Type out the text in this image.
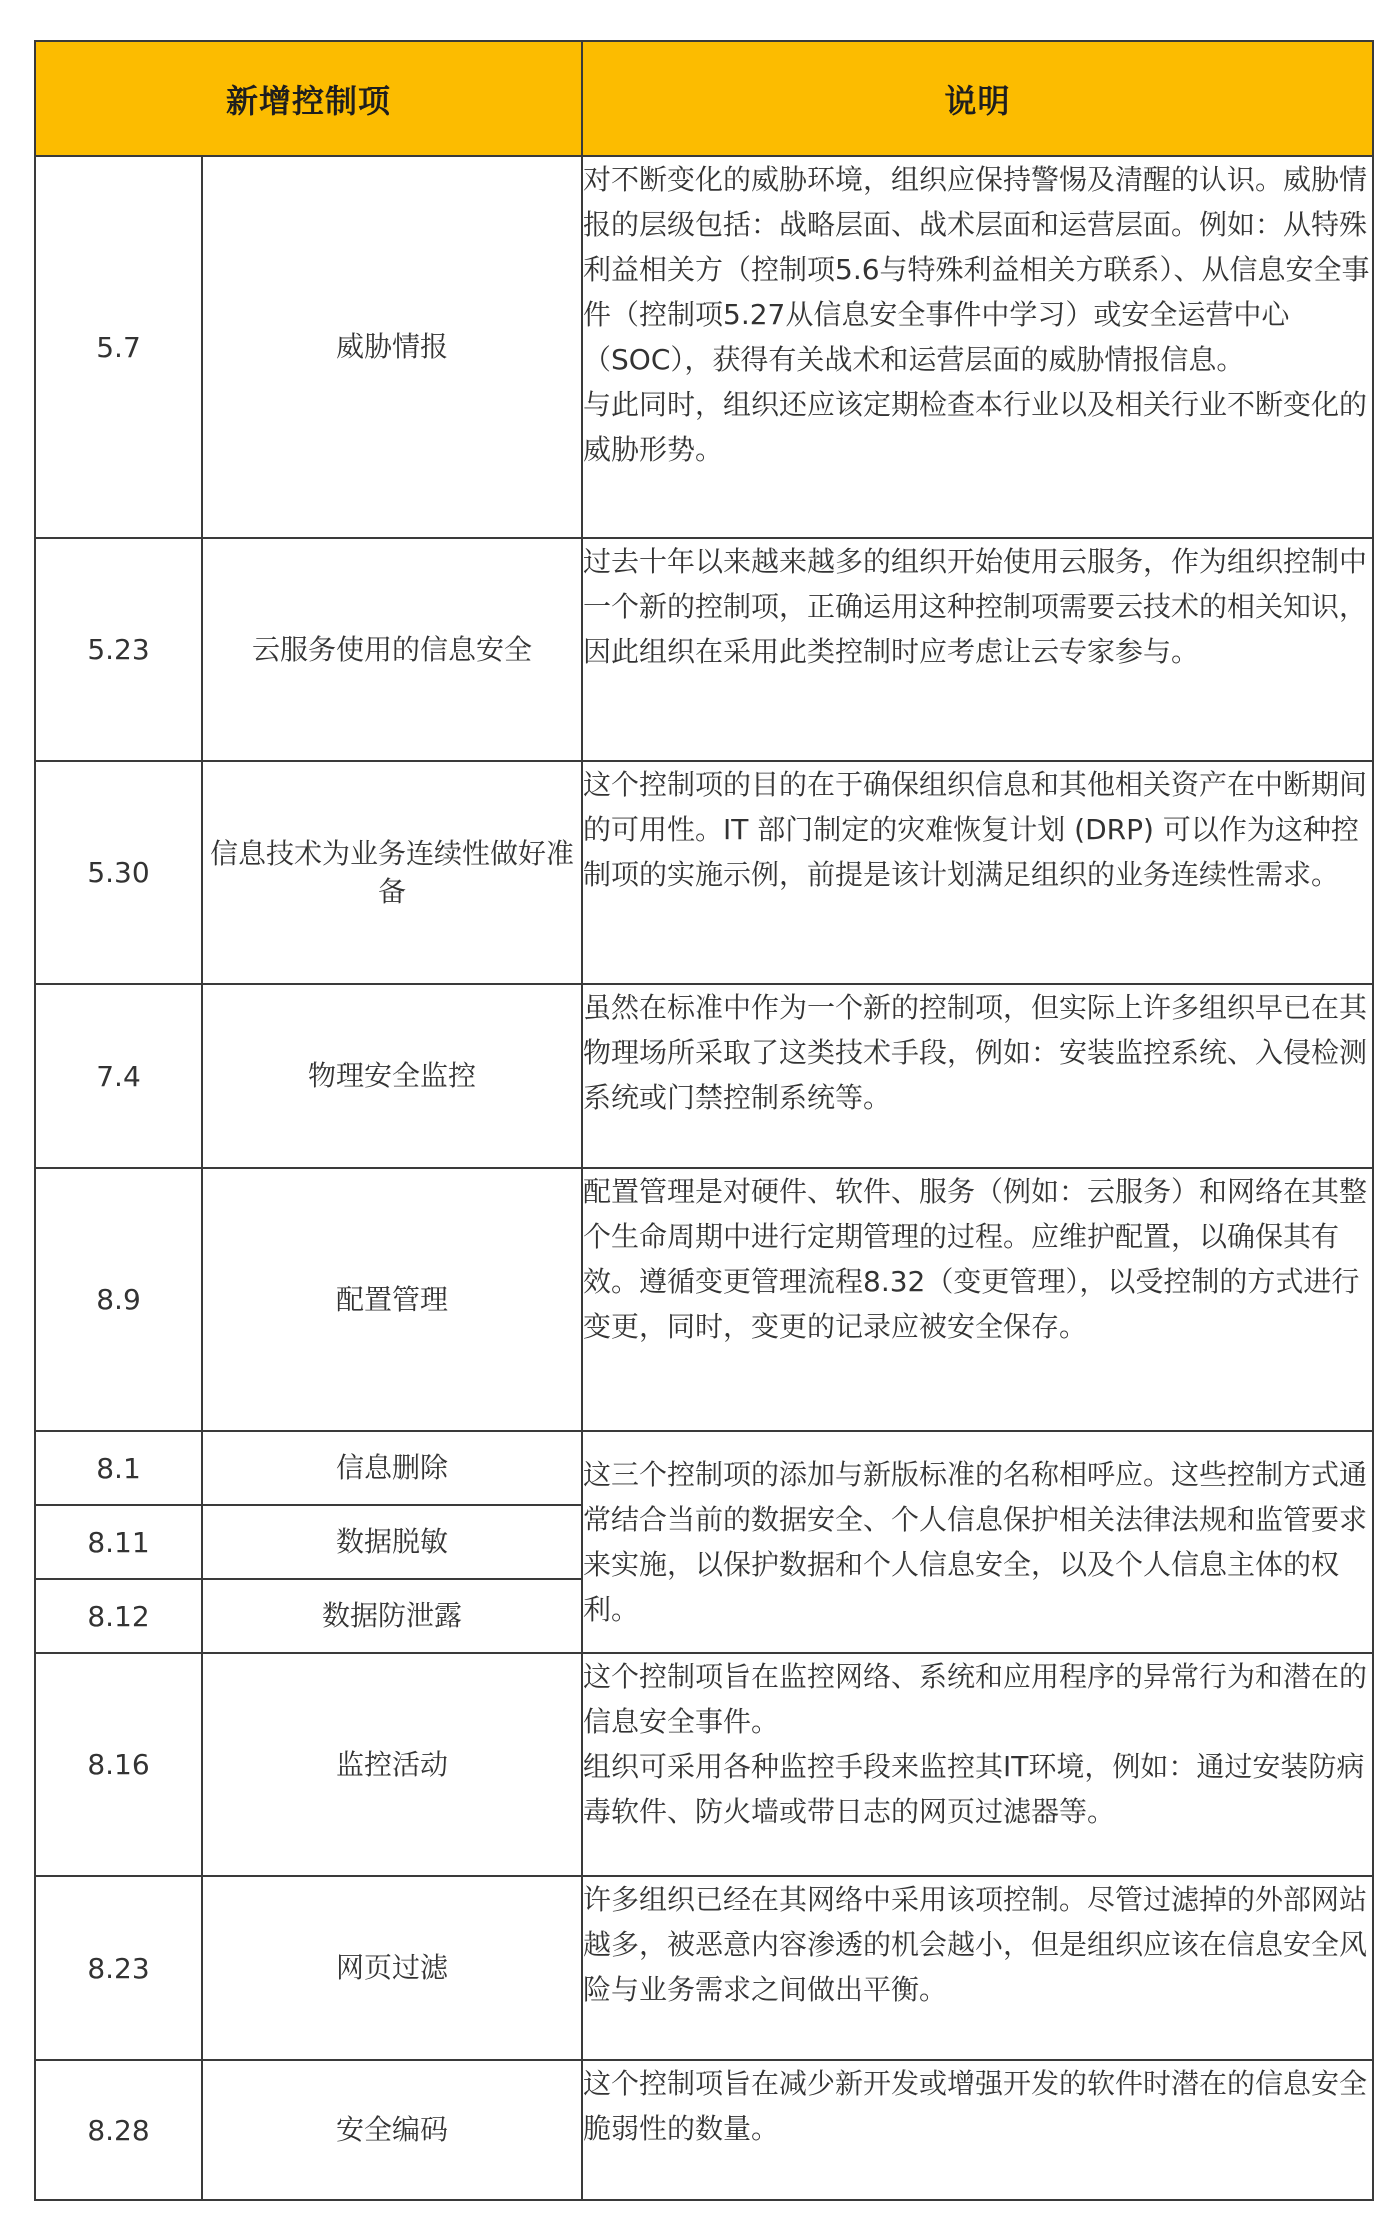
新增控制项		说明
5.7	威胁情报	对不断变化的威胁环境，组织应保持警惕及清醒的认识。威胁情报的层级包括：战略层面、战术层面和运营层面。例如：从特殊利益相关方（控制项5.6与特殊利益相关方联系）、从信息安全事件（控制项5.27从信息安全事件中学习）或安全运营中心（SOC），获得有关战术和运营层面的威胁情报信息。
与此同时，组织还应该定期检查本行业以及相关行业不断变化的威胁形势。

5.23	云服务使用的信息安全	过去十年以来越来越多的组织开始使用云服务，作为组织控制中一个新的控制项，正确运用这种控制项需要云技术的相关知识，因此组织在采用此类控制时应考虑让云专家参与。

5.30	信息技术为业务连续性做好准备	这个控制项的目的在于确保组织信息和其他相关资产在中断期间的可用性。IT 部门制定的灾难恢复计划 (DRP) 可以作为这种控制项的实施示例，前提是该计划满足组织的业务连续性需求。

7.4	物理安全监控	虽然在标准中作为一个新的控制项，但实际上许多组织早已在其物理场所采取了这类技术手段，例如：安装监控系统、入侵检测系统或门禁控制系统等。

8.9	配置管理	配置管理是对硬件、软件、服务（例如：云服务）和网络在其整个生命周期中进行定期管理的过程。应维护配置，以确保其有效。遵循变更管理流程8.32（变更管理），以受控制的方式进行变更，同时，变更的记录应被安全保存。

8.1	信息删除	这三个控制项的添加与新版标准的名称相呼应。这些控制方式通常结合当前的数据安全、个人信息保护相关法律法规和监管要求来实施，以保护数据和个人信息安全，以及个人信息主体的权利。

8.11	数据脱敏	
8.12	数据防泄露	
8.16	监控活动	这个控制项旨在监控网络、系统和应用程序的异常行为和潜在的信息安全事件。
组织可采用各种监控手段来监控其IT环境，例如：通过安装防病毒软件、防火墙或带日志的网页过滤器等。

8.23	网页过滤	许多组织已经在其网络中采用该项控制。尽管过滤掉的外部网站越多，被恶意内容渗透的机会越小，但是组织应该在信息安全风险与业务需求之间做出平衡。

8.28	安全编码	这个控制项旨在减少新开发或增强开发的软件时潜在的信息安全脆弱性的数量。
